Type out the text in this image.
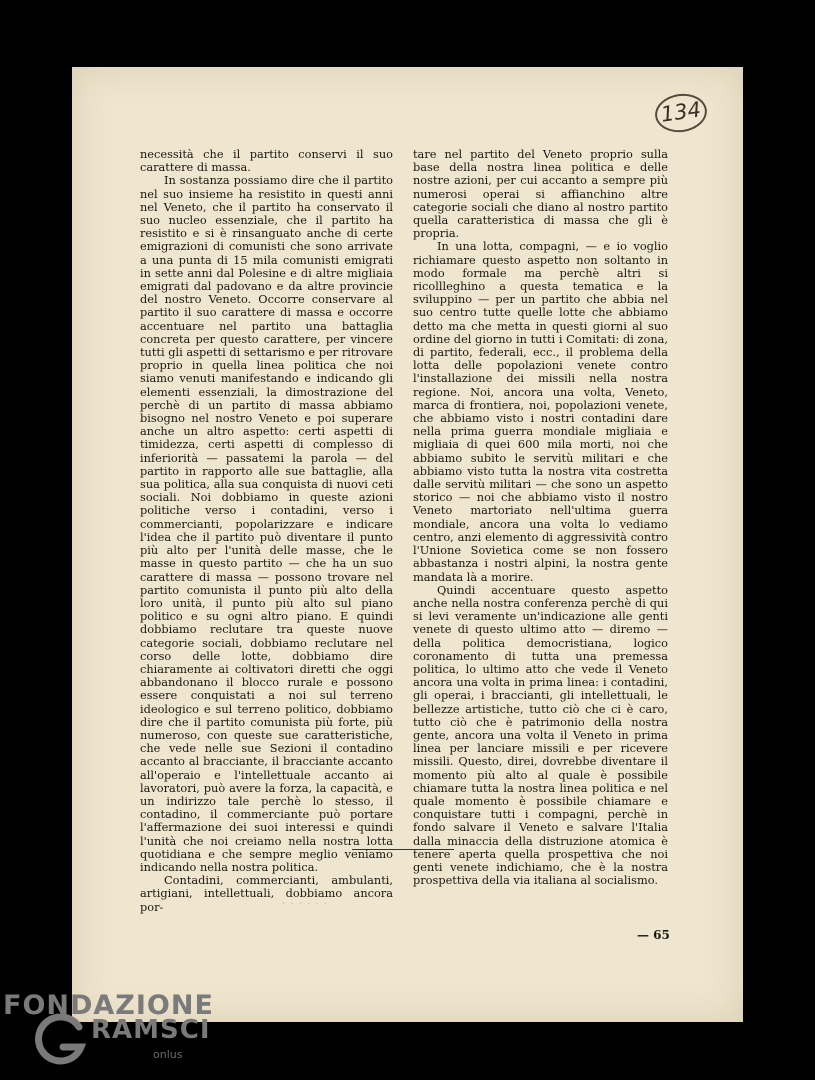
134

necessità che il partito conservi il suo carattere di massa.

In sostanza possiamo dire che il partito nel suo insieme ha resistito in questi anni nel Veneto, che il partito ha conservato il suo nucleo essenziale, che il partito ha resistito e si è rinsanguato anche di certe emigrazioni di comunisti che sono arrivate a una punta di 15 mila comunisti emigrati in sette anni dal Polesine e di altre migliaia emigrati dal padovano e da altre provincie del nostro Veneto. Occorre conservare al partito il suo carattere di massa e occorre accentuare nel partito una battaglia concreta per questo carattere, per vincere tutti gli aspetti di settarismo e per ritrovare proprio in quella linea politica che noi siamo venuti manifestando e indicando gli elementi essenziali, la dimostrazione del perchè di un partito di massa abbiamo bisogno nel nostro Veneto e poi superare anche un altro aspetto: certi aspetti di timidezza, certi aspetti di complesso di inferiorità — passatemi la parola — del partito in rapporto alle sue battaglie, alla sua politica, alla sua conquista di nuovi ceti sociali. Noi dobbiamo in queste azioni politiche verso i contadini, verso i commercianti, popolarizzare e indicare l'idea che il partito può diventare il punto più alto per l'unità delle masse, che le masse in questo partito — che ha un suo carattere di massa — possono trovare nel partito comunista il punto più alto della loro unità, il punto più alto sul piano politico e su ogni altro piano. E quindi dobbiamo reclutare tra queste nuove categorie sociali, dobbiamo reclutare nel corso delle lotte, dobbiamo dire chiaramente ai coltivatori diretti che oggi abbandonano il blocco rurale e possono essere conquistati a noi sul terreno ideologico e sul terreno politico, dobbiamo dire che il partito comunista più forte, più numeroso, con queste sue caratteristiche, che vede nelle sue Sezioni il contadino accanto al bracciante, il bracciante accanto all'operaio e l'intellettuale accanto ai lavoratori, può avere la forza, la capacità, e un indirizzo tale perchè lo stesso, il contadino, il commerciante può portare l'affermazione dei suoi interessi e quindi l'unità che noi creiamo nella nostra lotta quotidiana e che sempre meglio veniamo indicando nella nostra politica.

Contadini, commercianti, ambulanti, artigiani, intellettuali, dobbiamo ancora por-

tare nel partito del Veneto proprio sulla base della nostra linea politica e delle nostre azioni, per cui accanto a sempre più numerosi operai si affianchino altre categorie sociali che diano al nostro partito quella caratteristica di massa che gli è propria.

In una lotta, compagni, — e io voglio richiamare questo aspetto non soltanto in modo formale ma perchè altri si ricollleghino a questa tematica e la sviluppino — per un partito che abbia nel suo centro tutte quelle lotte che abbiamo detto ma che metta in questi giorni al suo ordine del giorno in tutti i Comitati: di zona, di partito, federali, ecc., il problema della lotta delle popolazioni venete contro l'installazione dei missili nella nostra regione. Noi, ancora una volta, Veneto, marca di frontiera, noi, popolazioni venete, che abbiamo visto i nostri contadini dare nella prima guerra mondiale migliaia e migliaia di quei 600 mila morti, noi che abbiamo subito le servitù militari e che abbiamo visto tutta la nostra vita costretta dalle servitù militari — che sono un aspetto storico — noi che abbiamo visto il nostro Veneto martoriato nell'ultima guerra mondiale, ancora una volta lo vediamo centro, anzi elemento di aggressività contro l'Unione Sovietica come se non fossero abbastanza i nostri alpini, la nostra gente mandata là a morire.

Quindi accentuare questo aspetto anche nella nostra conferenza perchè di qui si levi veramente un'indicazione alle genti venete di questo ultimo atto — diremo — della politica democristiana, logico coronamento di tutta una premessa politica, lo ultimo atto che vede il Veneto ancora una volta in prima linea: i contadini, gli operai, i braccianti, gli intellettuali, le bellezze artistiche, tutto ciò che ci è caro, tutto ciò che è patrimonio della nostra gente, ancora una volta il Veneto in prima linea per lanciare missili e per ricevere missili. Questo, direi, dovrebbe diventare il momento più alto al quale è possibile chiamare tutta la nostra linea politica e nel quale momento è possibile chiamare e conquistare tutti i compagni, perchè in fondo salvare il Veneto e salvare l'Italia dalla minaccia della distruzione atomica è tenere aperta quella prospettiva che noi genti venete indichiamo, che è la nostra prospettiva della via italiana al socialismo.

· · · · · ·
— 65
FONDAZIONE
RAMSCI
onlus
